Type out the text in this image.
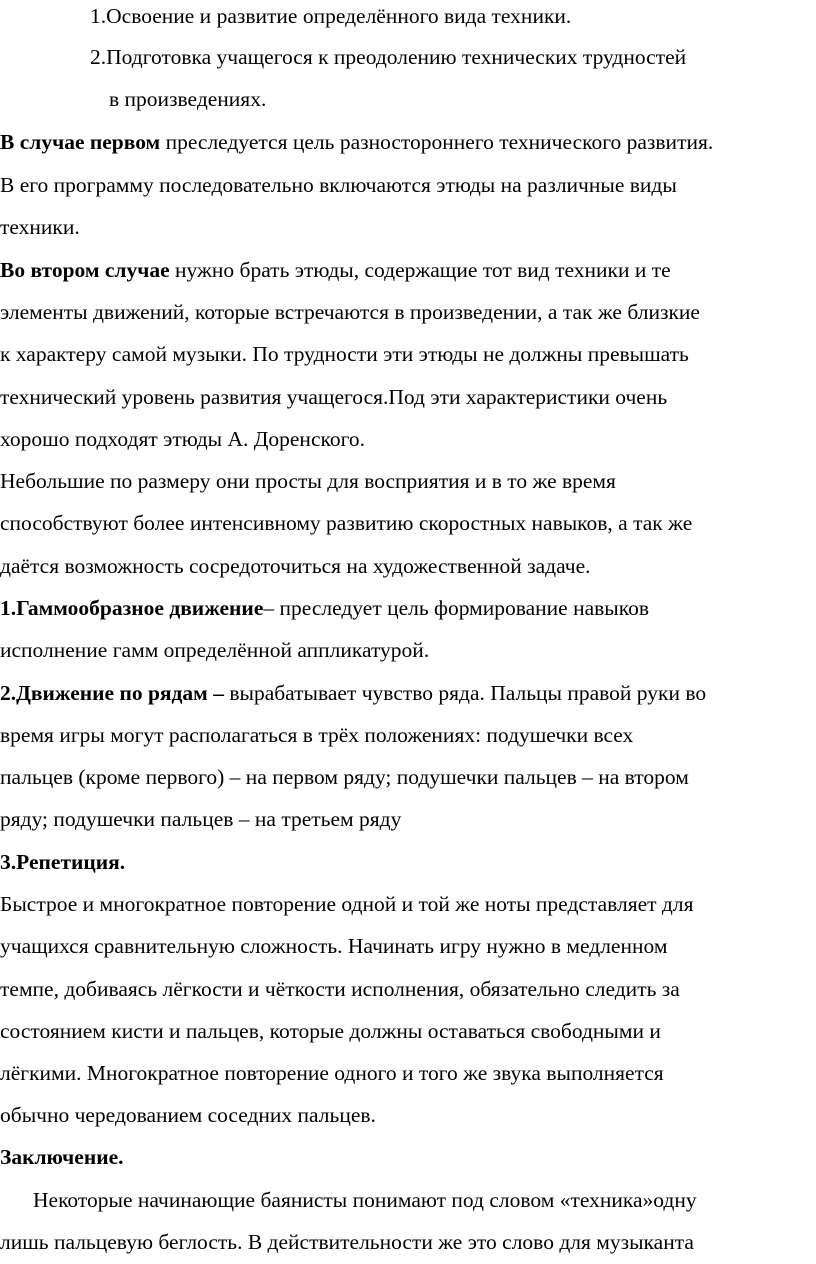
1.Освоение и развитие определённого вида техники.
2.Подготовка учащегося к преодолению технических трудностей
в произведениях.
В случае первом преследуется цель разностороннего технического развития.
В его программу последовательно включаются этюды на различные виды
техники.
Во втором случае нужно брать этюды, содержащие тот вид техники и те
элементы движений, которые встречаются в произведении, а так же близкие
к характеру самой музыки. По трудности эти этюды не должны превышать
технический уровень развития учащегося.Под эти характеристики очень
хорошо подходят этюды А. Доренского.
Небольшие по размеру они просты для восприятия и в то же время
способствуют более интенсивному развитию скоростных навыков, а так же
даётся возможность сосредоточиться на художественной задаче.
1.Гаммообразное движение– преследует цель формирование навыков
исполнение гамм определённой аппликатурой.
2.Движение по рядам – вырабатывает чувство ряда. Пальцы правой руки во
время игры могут располагаться в трёх положениях: подушечки всех
пальцев (кроме первого) – на первом ряду; подушечки пальцев – на втором
ряду; подушечки пальцев – на третьем ряду
3.Репетиция.
Быстрое и многократное повторение одной и той же ноты представляет для
учащихся сравнительную сложность. Начинать игру нужно в медленном
темпе, добиваясь лёгкости и чёткости исполнения, обязательно следить за
состоянием кисти и пальцев, которые должны оставаться свободными и
лёгкими. Многократное повторение одного и того же звука выполняется
обычно чередованием соседних пальцев.
Заключение.
Некоторые начинающие баянисты понимают под словом «техника»одну
лишь пальцевую беглость. В действительности же это слово для музыканта
